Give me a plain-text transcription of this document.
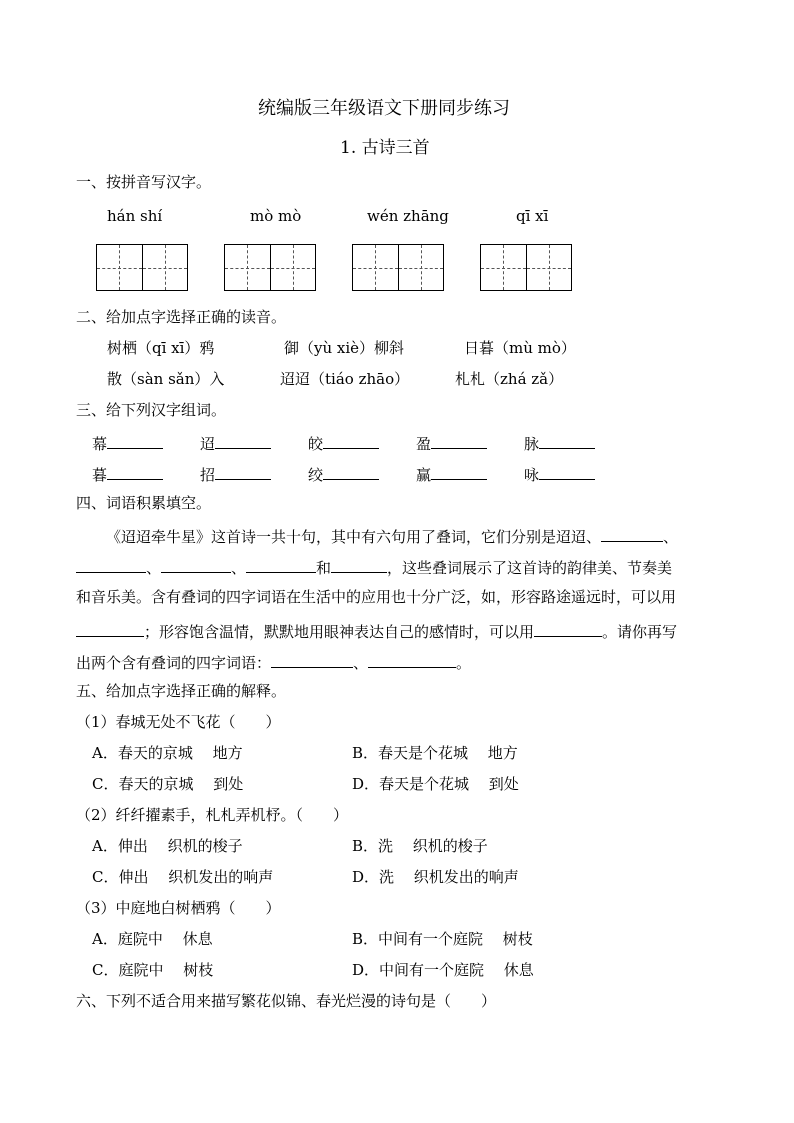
统编版三年级语文下册同步练习
1. 古诗三首
一、按拼音写汉字。
hán shí	mò mò	wén zhāng	qī xī
二、给加点字选择正确的读音。
树栖（qī xī）鸦	御（yù xiè）柳斜	日暮（mù mò）
散（sàn sǎn）入	迢迢（tiáo zhāo）	札札（zhá zǎ）
三、给下列汉字组词。
幕	迢	皎	盈	脉
暮	招	绞	赢	咏
四、词语积累填空。
《迢迢牵牛星》这首诗一共十句，其中有六句用了叠词，它们分别是迢迢、	、
、	、	和	，这些叠词展示了这首诗的韵律美、节奏美
和音乐美。含有叠词的四字词语在生活中的应用也十分广泛，如，形容路途遥远时，可以用
；形容饱含温情，默默地用眼神表达自己的感情时，可以用	。请你再写
出两个含有叠词的四字词语：	、	。
五、给加点字选择正确的解释。
（1）春城无处不飞花（　　）
A．春天的京城　 地方	B．春天是个花城　 地方
C．春天的京城　 到处	D．春天是个花城　 到处
（2）纤纤擢素手，札札弄机杼。（　　）
A．伸出　 织机的梭子	B．洗　 织机的梭子
C．伸出　 织机发出的响声	D．洗　 织机发出的响声
（3）中庭地白树栖鸦（　　）
A．庭院中　 休息	B．中间有一个庭院　 树枝
C．庭院中　 树枝	D．中间有一个庭院　 休息
六、下列不适合用来描写繁花似锦、春光烂漫的诗句是（　　）
